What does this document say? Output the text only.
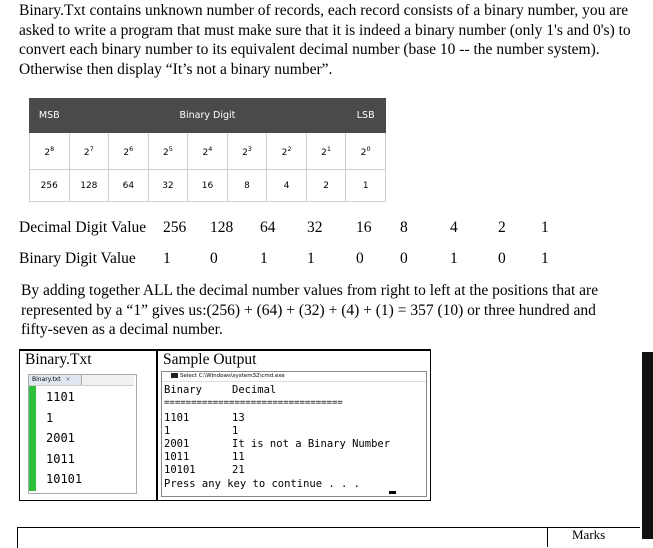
Binary.Txt contains unknown number of records, each record consists of a binary number, you are asked to write a program that must make sure that it is indeed a binary number (only 1's and 0's) to convert each binary number to its equivalent decimal number (base 10 -- the number system). Otherwise then display “It’s not a binary number”.

MSB	Binary Digit							LSB
$2^8$	$2^7$	$2^6$	$2^5$	$2^4$	$2^3$	$2^2$	$2^1$	$2^0$
256	128	64	32	16	8	4	2	1
Decimal Digit Value 256 128 64 32 16 8	4	2 1
Binary Digit Value 1	0	1	1	0 0	1	0 1

By adding together ALL the decimal number values from right to left at the positions that are represented by a “1” gives us:(256) + (64) + (32) + (4) + (1) = 357 (10) or three hundred and fifty-seven as a decimal number.

Binary.Txt
Binary.txt ×
1101
1
2001
1011
10101
Sample Output
Select C:\Windows\system32\cmd.exe
Binary	Decimal
=================================
1101	13
1	1
2001	It is not a Binary Number
1011	11
10101	21
Press any key to continue . . .
Marks
